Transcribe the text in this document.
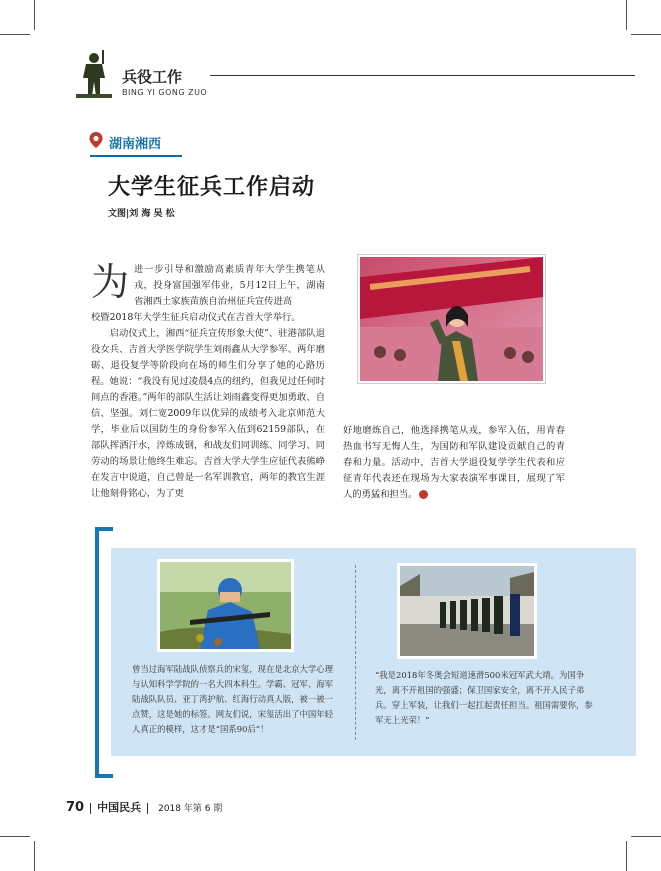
兵役工作
BING YI GONG ZUO
湖南湘西
大学生征兵工作启动
文图|刘 海 吴 松
为 进一步引导和激励高素质青年大学生携笔从戎，投身富国强军伟业，5月12日上午，湖南省湘西土家族苗族自治州征兵宣传进高

校暨2018年大学生征兵启动仪式在吉首大学举行。

启动仪式上，湘西“征兵宣传形象大使”、驻港部队退役女兵、吉首大学医学院学生刘雨鑫从大学参军、两年磨砺、退役复学等阶段向在场的师生们分享了她的心路历程。她说：“我没有见过凌晨4点的纽约，但我见过任何时间点的香港。”两年的部队生活让刘雨鑫变得更加勇敢、自信、坚强。刘仁宽2009年以优异的成绩考入北京师范大学，毕业后以国防生的身份参军入伍到62159部队，在部队挥洒汗水，淬炼成钢，和战友们同训练、同学习、同劳动的场景让他终生难忘。吉首大学大学生应征代表熊峥在发言中说道，自己曾是一名军训教官，两年的教官生涯让他刻骨铭心，为了更

好地磨炼自己，他选择携笔从戎，参军入伍，用青春热血书写无悔人生，为国防和军队建设贡献自己的青春和力量。活动中，吉首大学退役复学学生代表和应征青年代表还在现场为大家表演军事课目，展现了军人的勇猛和担当。

曾当过海军陆战队侦察兵的宋玺，现在是北京大学心理与认知科学学院的一名大四本科生。学霸、冠军、海军陆战队队员、亚丁湾护航、红海行动真人版，被一被一点赞，这是她的标签。网友们说，宋玺活出了中国年轻人真正的模样，这才是“国系90后”！
“我是2018年冬奥会短道速滑500米冠军武大靖。为国争光，离不开祖国的强盛；保卫国家安全，离不开人民子弟兵。穿上军装，让我们一起扛起责任担当。祖国需要你，参军无上光荣！”
70 中国民兵 2018 年第 6 期
